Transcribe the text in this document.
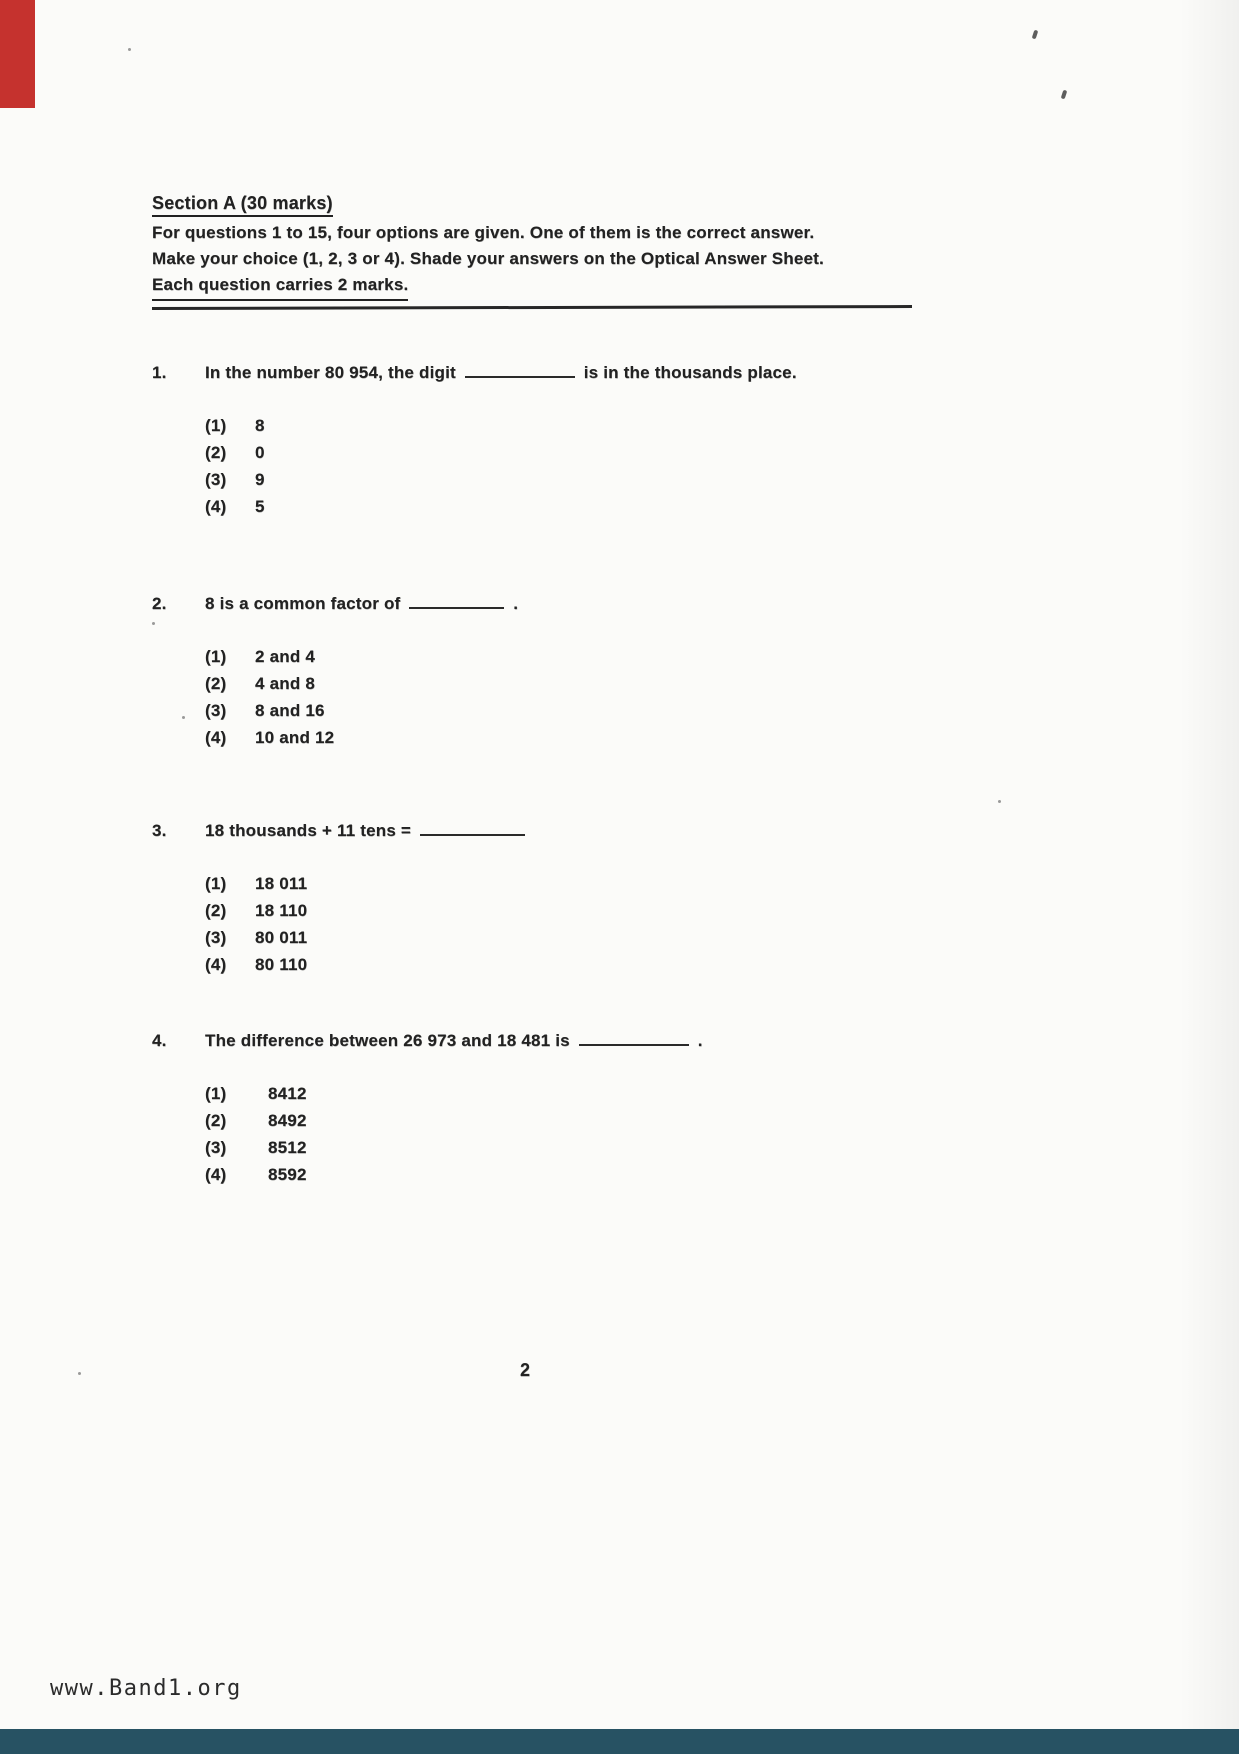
Section A (30 marks)
For questions 1 to 15, four options are given. One of them is the correct answer.
Make your choice (1, 2, 3 or 4). Shade your answers on the Optical Answer Sheet.
Each question carries 2 marks.
1.	In the number 80 954, the digit	is in the thousands place.
(1)	8
(2)	0
(3)	9
(4)	5
2.	8 is a common factor of	.
(1)	2 and 4
(2)	4 and 8
(3)	8 and 16
(4)	10 and 12
3.	18 thousands + 11 tens =
(1)	18 011
(2)	18 110
(3)	80 011
(4)	80 110
4.	The difference between 26 973 and 18 481 is	.
(1)	8412
(2)	8492
(3)	8512
(4)	8592
2
www.Band1.org
